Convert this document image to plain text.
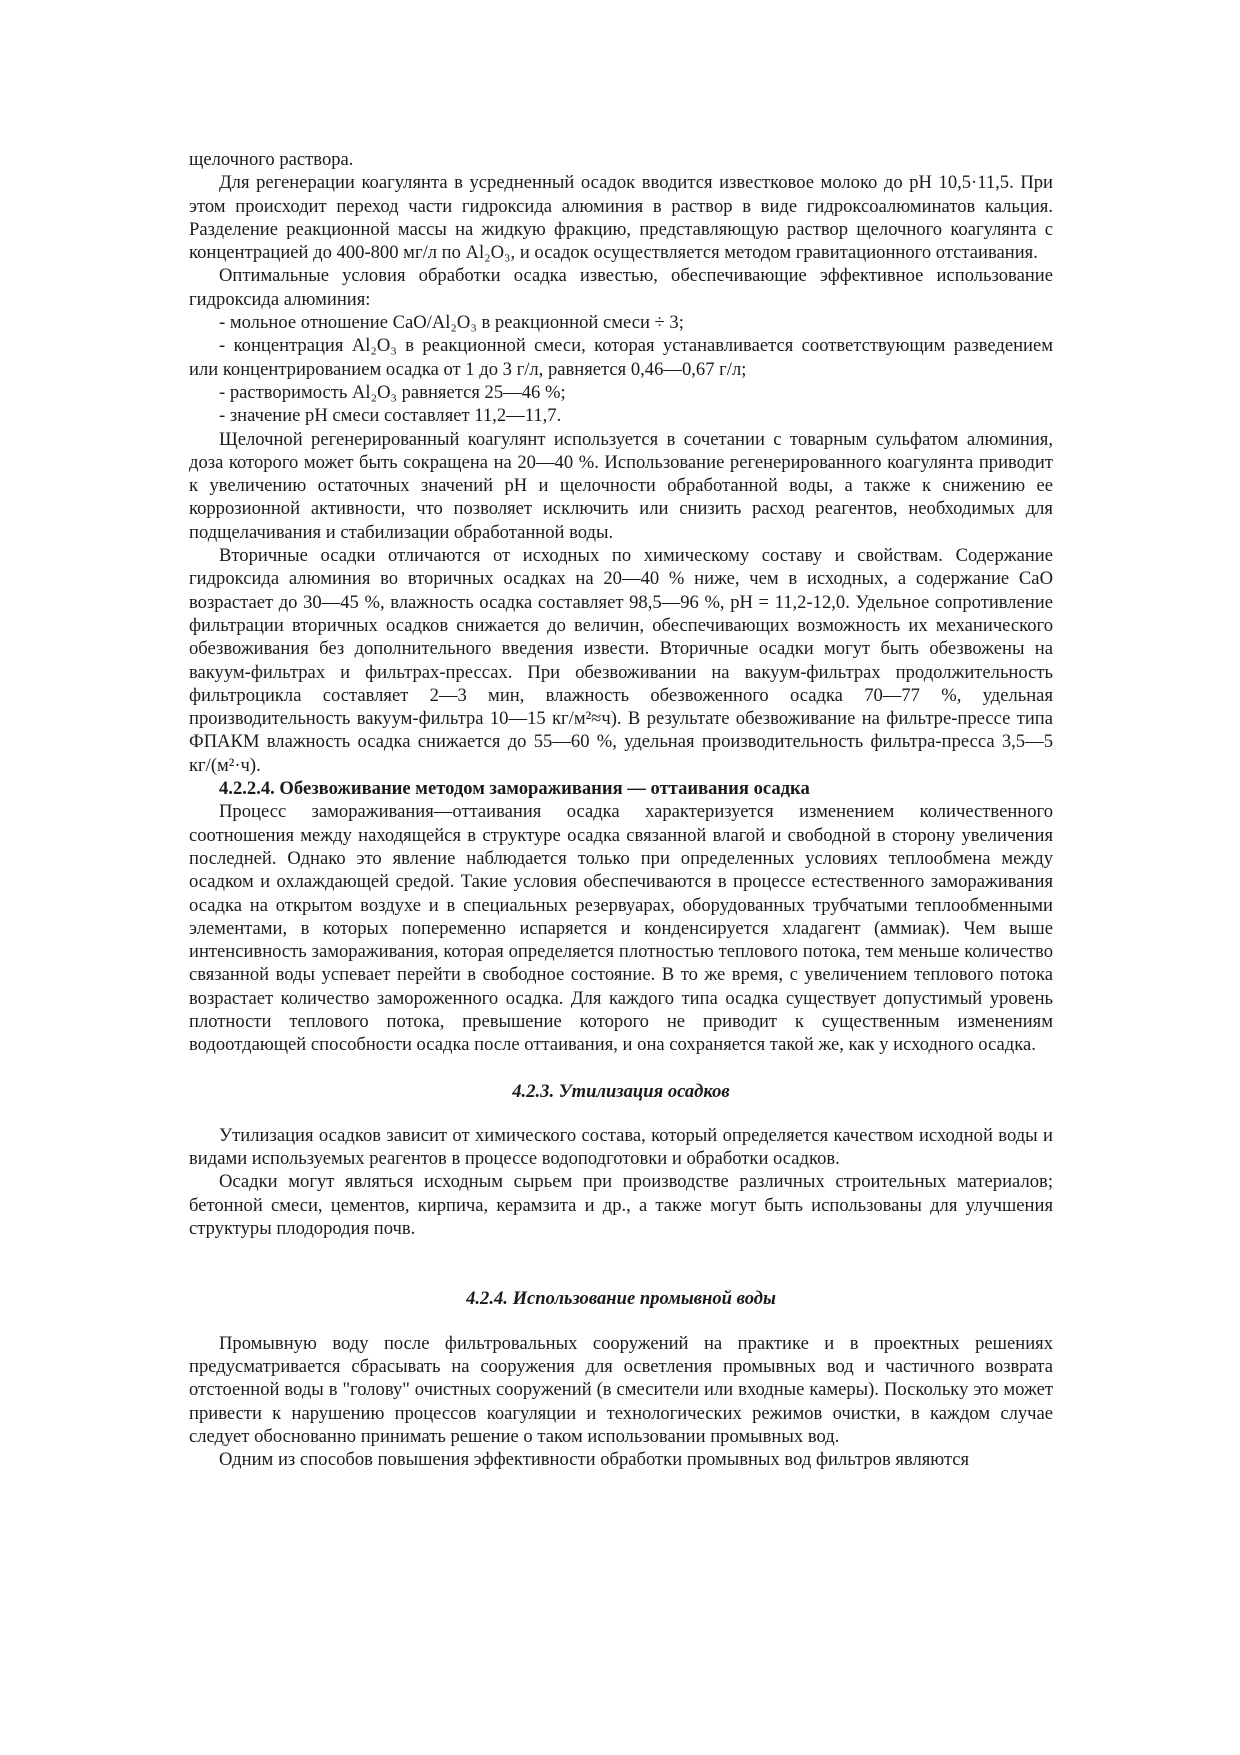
щелочного раствора.

Для регенерации коагулянта в усредненный осадок вводится известковое молоко до pH 10,5·11,5. При этом происходит переход части гидроксида алюминия в раствор в виде гидроксоалюминатов кальция. Разделение реакционной массы на жидкую фракцию, представляющую раствор щелочного коагулянта с концентрацией до 400-800 мг/л по Al₂O₃, и осадок осуществляется методом гравитационного отстаивания.

Оптимальные условия обработки осадка известью, обеспечивающие эффективное использование гидроксида алюминия:

- мольное отношение CaO/Al₂O₃ в реакционной смеси ÷ 3;

- концентрация Al₂O₃ в реакционной смеси, которая устанавливается соответствующим разведением или концентрированием осадка от 1 до 3 г/л, равняется 0,46—0,67 г/л;

- растворимость Al₂O₃ равняется 25—46 %;

- значение pH смеси составляет 11,2—11,7.

Щелочной регенерированный коагулянт используется в сочетании с товарным сульфатом алюминия, доза которого может быть сокращена на 20—40 %. Использование регенерированного коагулянта приводит к увеличению остаточных значений pH и щелочности обработанной воды, а также к снижению ее коррозионной активности, что позволяет исключить или снизить расход реагентов, необходимых для подщелачивания и стабилизации обработанной воды.

Вторичные осадки отличаются от исходных по химическому составу и свойствам. Содержание гидроксида алюминия во вторичных осадках на 20—40 % ниже, чем в исходных, а содержание CaO возрастает до 30—45 %, влажность осадка составляет 98,5—96 %, pH = 11,2-12,0. Удельное сопротивление фильтрации вторичных осадков снижается до величин, обеспечивающих возможность их механического обезвоживания без дополнительного введения извести. Вторичные осадки могут быть обезвожены на вакуум-фильтрах и фильтрах-прессах. При обезвоживании на вакуум-фильтрах продолжительность фильтроцикла составляет 2—3 мин, влажность обезвоженного осадка 70—77 %, удельная производительность вакуум-фильтра 10—15 кг/м²≈ч). В результате обезвоживание на фильтре-прессе типа ФПАКМ влажность осадка снижается до 55—60 %, удельная производительность фильтра-пресса 3,5—5 кг/(м²·ч).

4.2.2.4. Обезвоживание методом замораживания — оттаивания осадка

Процесс замораживания—оттаивания осадка характеризуется изменением количественного соотношения между находящейся в структуре осадка связанной влагой и свободной в сторону увеличения последней. Однако это явление наблюдается только при определенных условиях теплообмена между осадком и охлаждающей средой. Такие условия обеспечиваются в процессе естественного замораживания осадка на открытом воздухе и в специальных резервуарах, оборудованных трубчатыми теплообменными элементами, в которых попеременно испаряется и конденсируется хладагент (аммиак). Чем выше интенсивность замораживания, которая определяется плотностью теплового потока, тем меньше количество связанной воды успевает перейти в свободное состояние. В то же время, с увеличением теплового потока возрастает количество замороженного осадка. Для каждого типа осадка существует допустимый уровень плотности теплового потока, превышение которого не приводит к существенным изменениям водоотдающей способности осадка после оттаивания, и она сохраняется такой же, как у исходного осадка.

4.2.3. Утилизация осадков

Утилизация осадков зависит от химического состава, который определяется качеством исходной воды и видами используемых реагентов в процессе водоподготовки и обработки осадков.

Осадки могут являться исходным сырьем при производстве различных строительных материалов; бетонной смеси, цементов, кирпича, керамзита и др., а также могут быть использованы для улучшения структуры плодородия почв.

4.2.4. Использование промывной воды

Промывную воду после фильтровальных сооружений на практике и в проектных решениях предусматривается сбрасывать на сооружения для осветления промывных вод и частичного возврата отстоенной воды в "голову" очистных сооружений (в смесители или входные камеры). Поскольку это может привести к нарушению процессов коагуляции и технологических режимов очистки, в каждом случае следует обоснованно принимать решение о таком использовании промывных вод.

Одним из способов повышения эффективности обработки промывных вод фильтров являются
